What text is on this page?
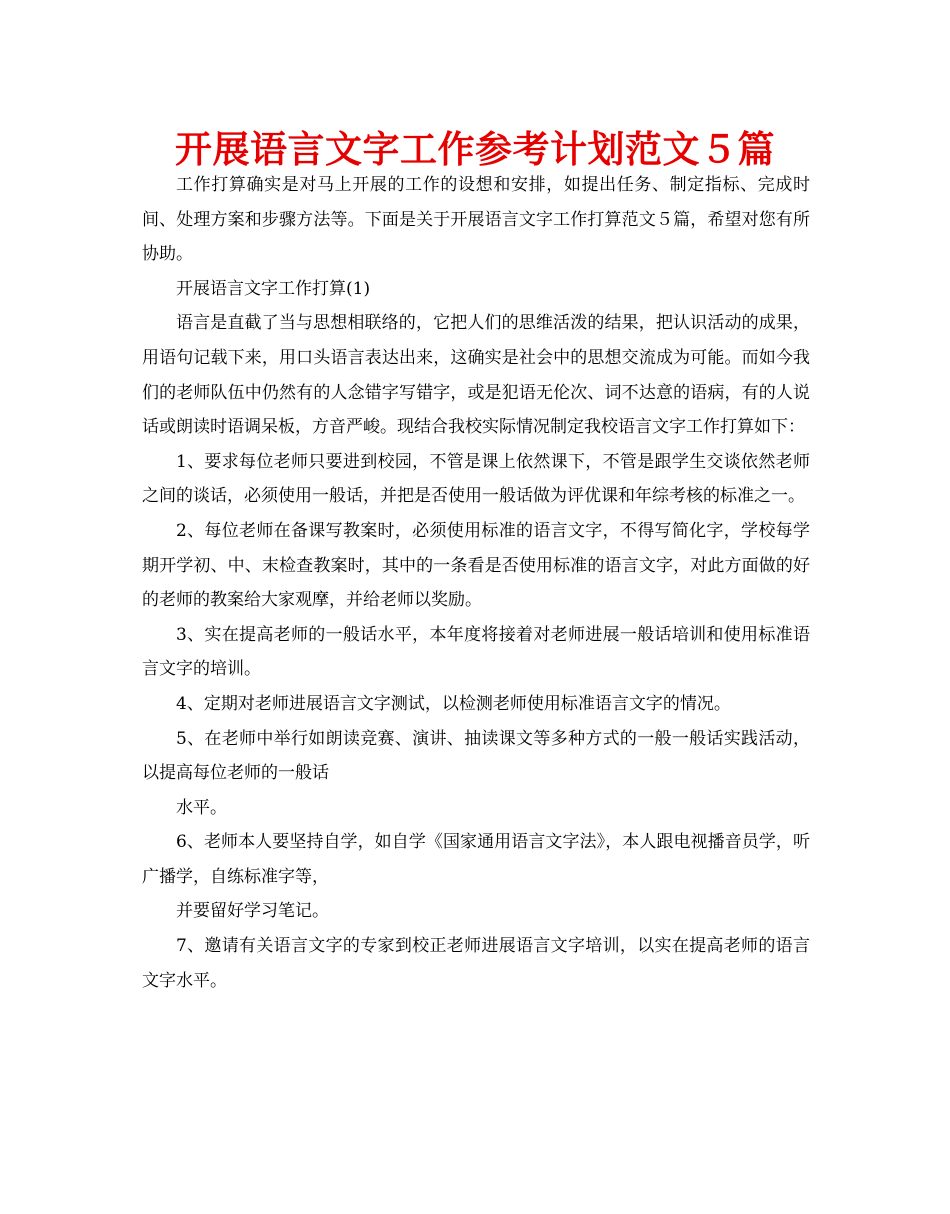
开展语言文字工作参考计划范文５篇

工作打算确实是对马上开展的工作的设想和安排，如提出任务、制定指标、完成时间、处理方案和步骤方法等。下面是关于开展语言文字工作打算范文５篇，希望对您有所协助。

开展语言文字工作打算(1)

语言是直截了当与思想相联络的，它把人们的思维活泼的结果，把认识活动的成果，用语句记载下来，用口头语言表达出来，这确实是社会中的思想交流成为可能。而如今我们的老师队伍中仍然有的人念错字写错字，或是犯语无伦次、词不达意的语病，有的人说话或朗读时语调呆板，方音严峻。现结合我校实际情况制定我校语言文字工作打算如下：

1、要求每位老师只要进到校园，不管是课上依然课下，不管是跟学生交谈依然老师之间的谈话，必须使用一般话，并把是否使用一般话做为评优课和年综考核的标准之一。

2、每位老师在备课写教案时，必须使用标准的语言文字，不得写简化字，学校每学期开学初、中、末检查教案时，其中的一条看是否使用标准的语言文字，对此方面做的好的老师的教案给大家观摩，并给老师以奖励。

3、实在提高老师的一般话水平，本年度将接着对老师进展一般话培训和使用标准语言文字的培训。

4、定期对老师进展语言文字测试，以检测老师使用标准语言文字的情况。

5、在老师中举行如朗读竞赛、演讲、抽读课文等多种方式的一般一般话实践活动，以提高每位老师的一般话

水平。

6、老师本人要坚持自学，如自学《国家通用语言文字法》，本人跟电视播音员学，听广播学，自练标准字等，

并要留好学习笔记。

7、邀请有关语言文字的专家到校正老师进展语言文字培训，以实在提高老师的语言文字水平。
